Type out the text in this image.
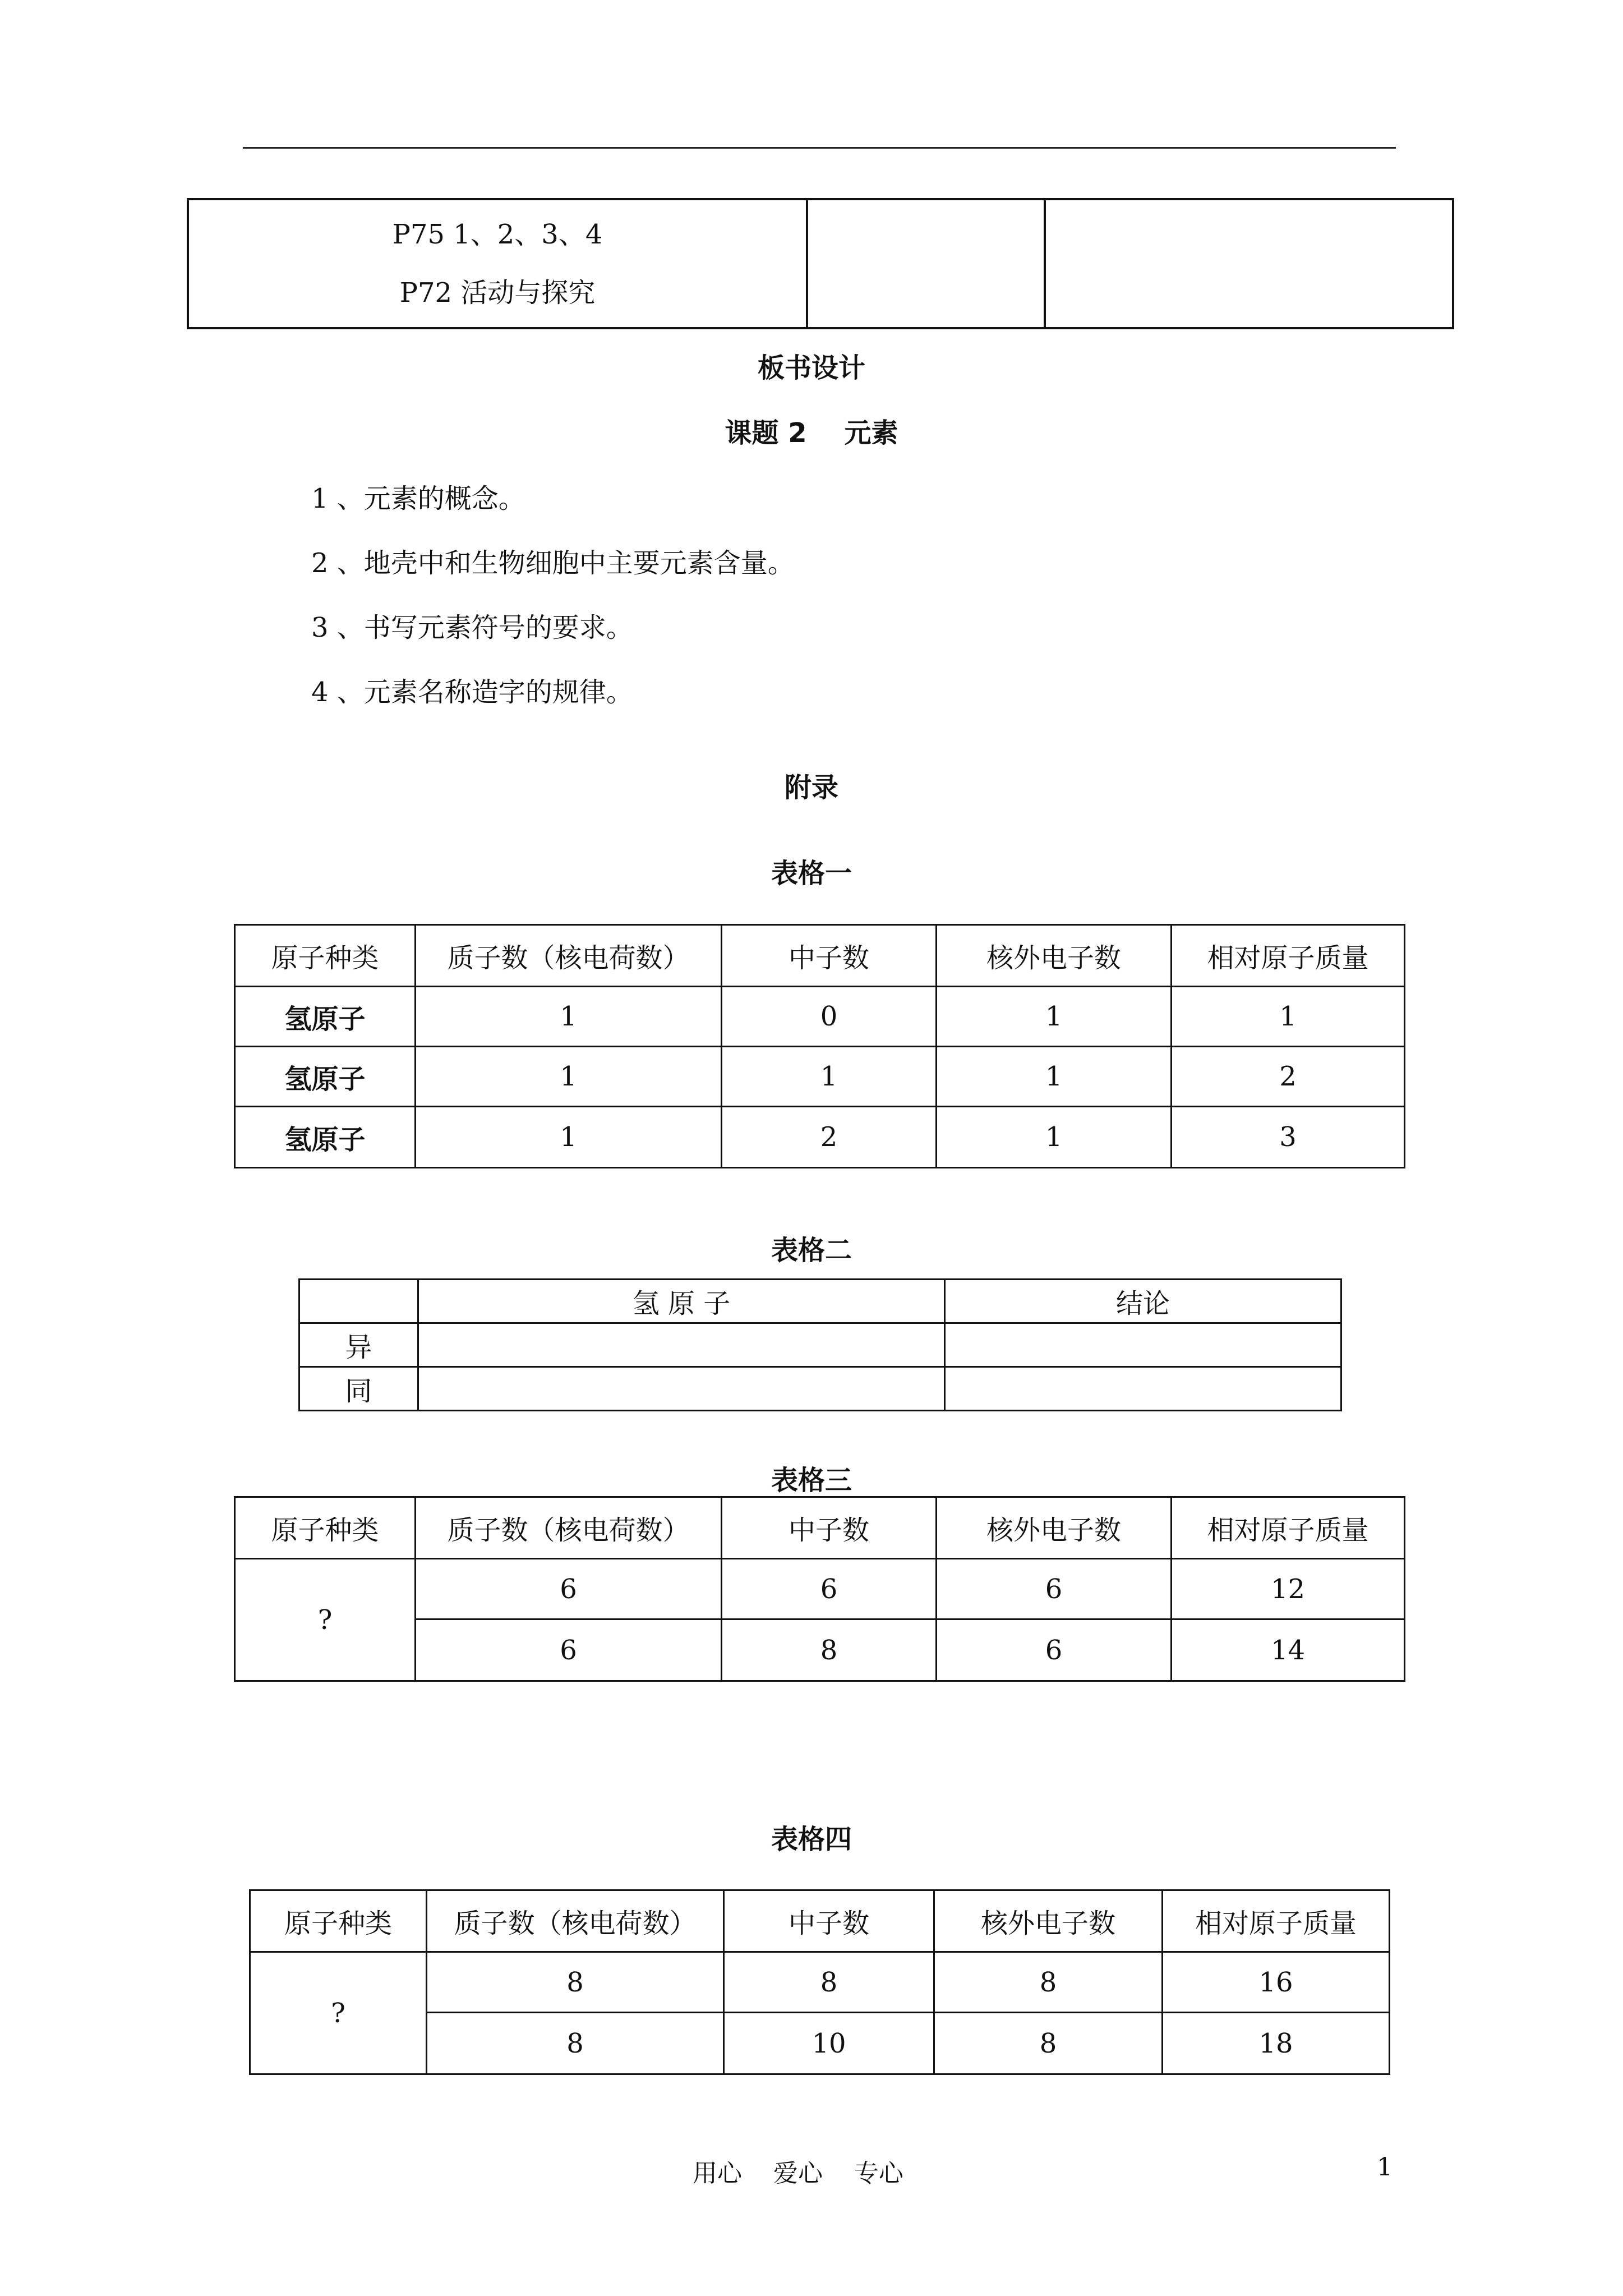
P75 1、2、3、4
P72 活动与探究

板书设计
课题 2    元素
1 、元素的概念。
2 、地壳中和生物细胞中主要元素含量。
3 、书写元素符号的要求。
4 、元素名称造字的规律。
附录
表格一
原子种类	质子数（核电荷数）	中子数	核外电子数	相对原子质量
氢原子	1	0	1	1
氢原子	1	1	1	2
氢原子	1	2	1	3
表格二
	氢 原 子	结论
异		
同		
表格三
原子种类	质子数（核电荷数）	中子数	核外电子数	相对原子质量
?	6	6	6	12
	6	8	6	14
表格四
原子种类	质子数（核电荷数）	中子数	核外电子数	相对原子质量
?	8	8	8	16
	8	10	8	18
用心    爱心    专心	1
